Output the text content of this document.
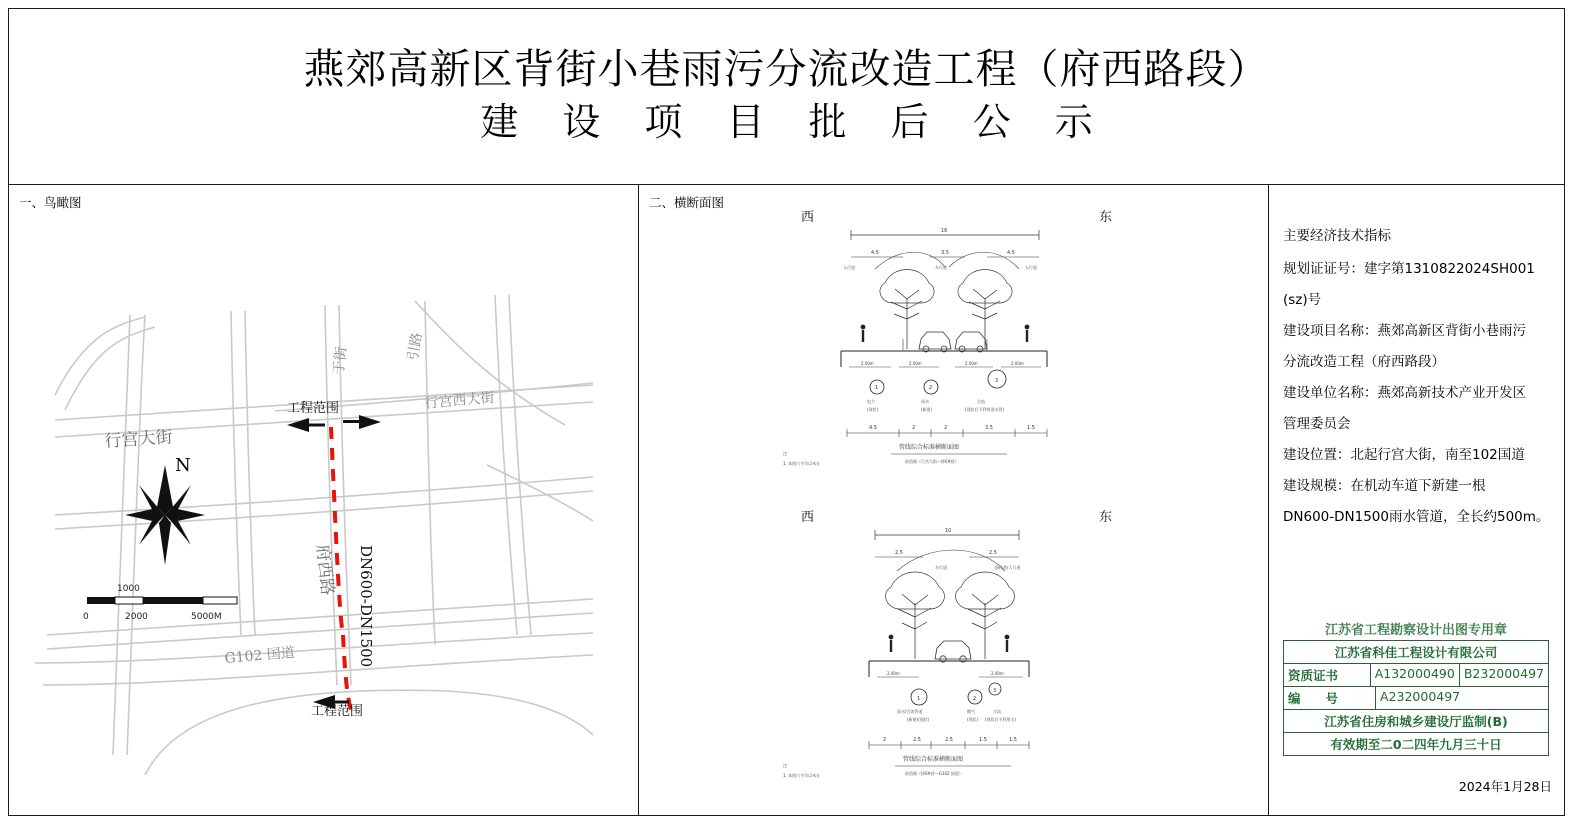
燕郊高新区背街小巷雨污分流改造工程（府西路段）
建 设 项 目 批 后 公 示
一、鸟瞰图
行宫大街
行宫西大街
于街	引路
府西路
G102 国道
工程范围
工程范围
DN600-DN1500
N
0
1000
2000	5000M
二、横断面图
西	东
16
4.5	3.5	4.5
人行道	车行道	人行道
2.00m	2.00m	2.00m	2.00m
1	2
3
电力
(现状)
雨水
(新建)
合流
(现状后予利用雨水管)
4.5	2	2	3.5	1.5
管线综合标准横断面图
府西路（行宫大街—桥6#桥）
注：
1. 本图尺寸均以米计
西	东
10
2.5	2.5
车行道	绿化带/人行道
2.00m	2.00m
1	2
3
雨水/合流管道
(新建)(现状)
燃气
(现状)
合流
(现状后予利用水)
2	2.5	2.5	1.5	1.5
管线综合标准横断面图
府西路（桥6#桥—G102 国道）
注：
1. 本图尺寸均以米计
主要经济技术指标
规划证证号：建字第1310822024SH001
(sz)号
建设项目名称：燕郊高新区背街小巷雨污
分流改造工程（府西路段）
建设单位名称：燕郊高新技术产业开发区
管理委员会
建设位置：北起行宫大街，南至102国道
建设规模：在机动车道下新建一根
DN600-DN1500雨水管道，全长约500m。
江苏省工程勘察设计出图专用章
江苏省科佳工程设计有限公司
资质证书	A132000490 B232000497
编　　号	A232000497
江苏省住房和城乡建设厅监制(B)
有效期至二0二四年九月三十日
2024年1月28日
